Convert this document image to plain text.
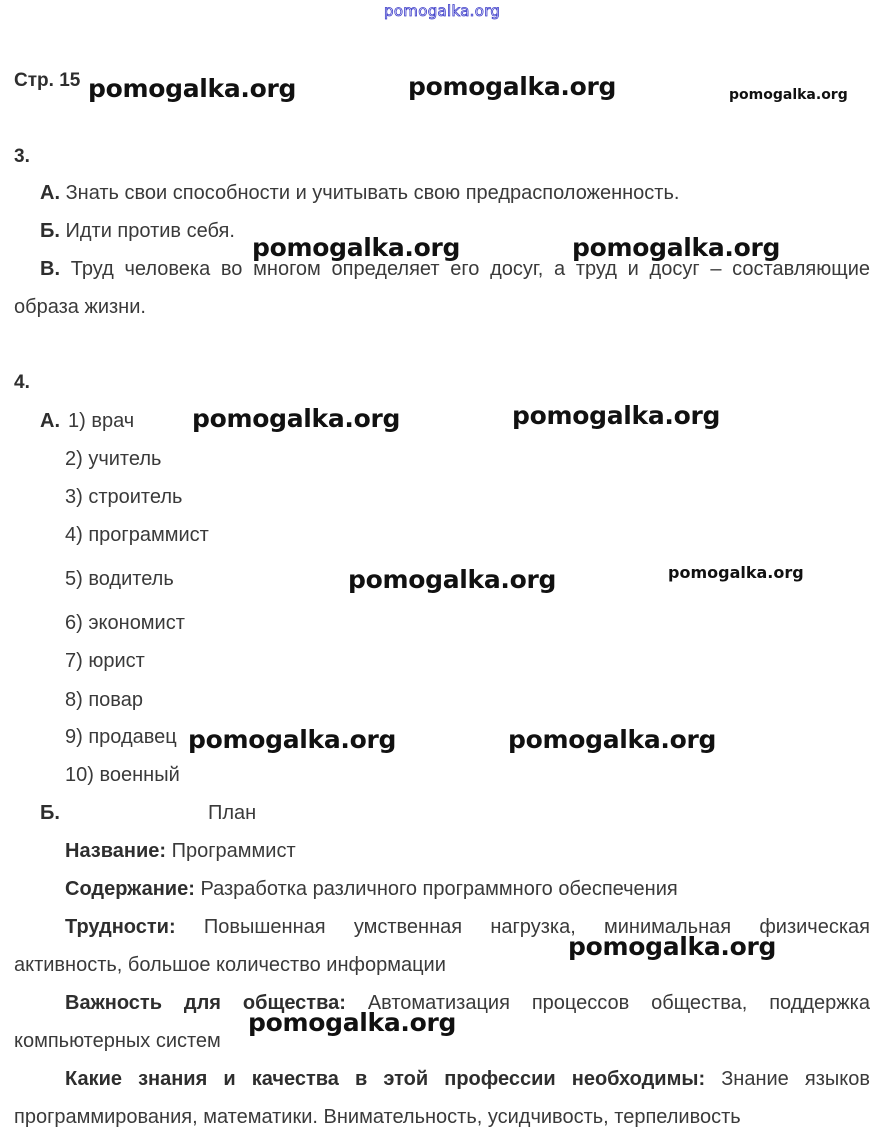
pomogalka.org
Стр. 15
3.
А. Знать свои способности и учитывать свою предрасположенность.
Б. Идти против себя.
В. Труд человека во многом определяет его досуг, а труд и досуг – составляющие
образа жизни.
4.
А. 1) врач
2) учитель
3) строитель
4) программист
5) водитель
6) экономист
7) юрист
8) повар
9) продавец
10) военный
Б.	План
Название: Программист
Содержание: Разработка различного программного обеспечения
Трудности: Повышенная умственная нагрузка, минимальная физическая
активность, большое количество информации
Важность для общества: Автоматизация процессов общества, поддержка
компьютерных систем
Какие знания и качества в этой профессии необходимы: Знание языков
программирования, математики. Внимательность, усидчивость, терпеливость
pomogalka.org	pomogalka.org	pomogalka.org
pomogalka.org	pomogalka.org
pomogalka.org	pomogalka.org
pomogalka.org	pomogalka.org
pomogalka.org	pomogalka.org
pomogalka.org
pomogalka.org
